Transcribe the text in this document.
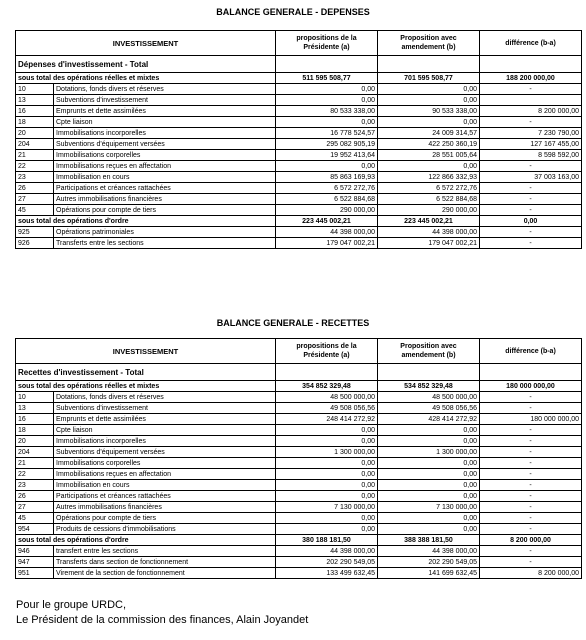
BALANCE GENERALE - DEPENSES
INVESTISSEMENT		propositions de la Présidente (a)	Proposition avec amendement (b)	différence (b-a)
Dépenses d'investissement - Total				
sous total des opérations réelles et mixtes		511 595 508,77	701 595 508,77	188 200 000,00
10	Dotations, fonds divers et réserves	0,00	0,00	-
13	Subventions d'investissement	0,00	0,00	
16	Emprunts et dette assimilées	80 533 338,00	90 533 338,00	8 200 000,00
18	Cpte liaison	0,00	0,00	-
20	Immobilisations incorporelles	16 778 524,57	24 009 314,57	7 230 790,00
204	Subventions d'équipement versées	295 082 905,19	422 250 360,19	127 167 455,00
21	Immobilisations corporelles	19 952 413,64	28 551 005,64	8 598 592,00
22	Immobilisations reçues en affectation	0,00	0,00	-
23	Immobilisation en cours	85 863 169,93	122 866 332,93	37 003 163,00
26	Participations et créances rattachées	6 572 272,76	6 572 272,76	-
27	Autres immobilisations financières	6 522 884,68	6 522 884,68	-
45	Opérations pour compte de tiers	290 000,00	290 000,00	-
sous total des opérations d'ordre		223 445 002,21	223 445 002,21	0,00
925	Opérations patrimoniales	44 398 000,00	44 398 000,00	-
926	Transferts entre les sections	179 047 002,21	179 047 002,21	-
BALANCE GENERALE - RECETTES
INVESTISSEMENT		propositions de la Présidente (a)	Proposition avec amendement (b)	différence (b-a)
Recettes d'investissement - Total				
sous total des opérations réelles et mixtes		354 852 329,48	534 852 329,48	180 000 000,00
10	Dotations, fonds divers et réserves	48 500 000,00	48 500 000,00	-
13	Subventions d'investissement	49 508 056,56	49 508 056,56	-
16	Emprunts et dette assimilées	248 414 272,92	428 414 272,92	180 000 000,00
18	Cpte liaison	0,00	0,00	-
20	Immobilisations incorporelles	0,00	0,00	-
204	Subventions d'équipement versées	1 300 000,00	1 300 000,00	-
21	Immobilisations corporelles	0,00	0,00	-
22	Immobilisations reçues en affectation	0,00	0,00	-
23	Immobilisation en cours	0,00	0,00	-
26	Participations et créances rattachées	0,00	0,00	-
27	Autres immobilisations financières	7 130 000,00	7 130 000,00	-
45	Opérations pour compte de tiers	0,00	0,00	-
954	Produits de cessions d'immobilisations	0,00	0,00	-
sous total des opérations d'ordre		380 188 181,50	388 388 181,50	8 200 000,00
946	transfert entre les sections	44 398 000,00	44 398 000,00	-
947	Transferts dans section de fonctionnement	202 290 549,05	202 290 549,05	-
951	Virement de la section de fonctionnement	133 499 632,45	141 699 632,45	8 200 000,00
Pour le groupe URDC,
Le Président de la commission des finances, Alain Joyandet
